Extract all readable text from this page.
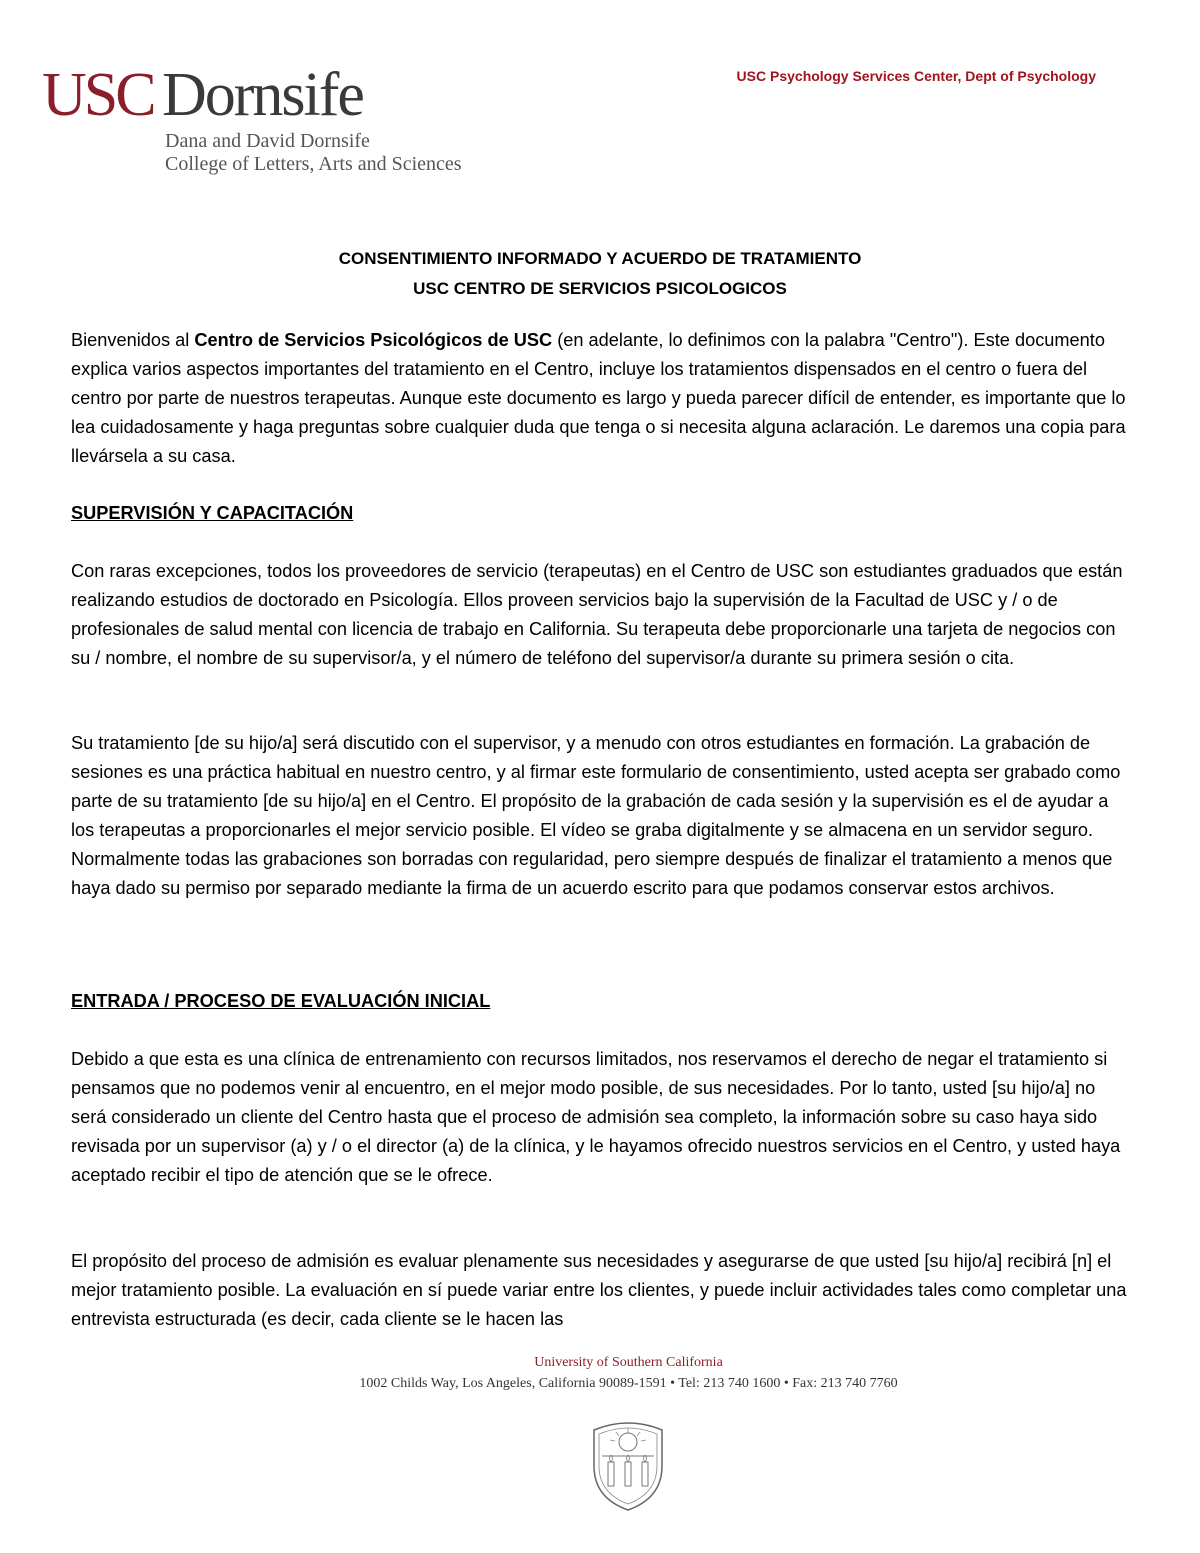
USC Dornsife
Dana and David Dornsife
College of Letters, Arts and Sciences
USC Psychology Services Center, Dept of Psychology
CONSENTIMIENTO INFORMADO Y ACUERDO DE TRATAMIENTO
USC CENTRO DE SERVICIOS PSICOLOGICOS

Bienvenidos al Centro de Servicios Psicológicos de USC (en adelante, lo definimos con la palabra "Centro"). Este documento explica varios aspectos importantes del tratamiento en el Centro, incluye los tratamientos dispensados en el centro o fuera del centro por parte de nuestros terapeutas. Aunque este documento es largo y pueda parecer difícil de entender, es importante que lo lea cuidadosamente y haga preguntas sobre cualquier duda que tenga o si necesita alguna aclaración. Le daremos una copia para llevársela a su casa.

SUPERVISIÓN Y CAPACITACIÓN

Con raras excepciones, todos los proveedores de servicio (terapeutas) en el Centro de USC son estudiantes graduados que están realizando estudios de doctorado en Psicología. Ellos proveen servicios bajo la supervisión de la Facultad de USC y / o de profesionales de salud mental con licencia de trabajo en California. Su terapeuta debe proporcionarle una tarjeta de negocios con su / nombre, el nombre de su supervisor/a, y el número de teléfono del supervisor/a durante su primera sesión o cita.

Su tratamiento [de su hijo/a] será discutido con el supervisor, y a menudo con otros estudiantes en formación. La grabación de sesiones es una práctica habitual en nuestro centro, y al firmar este formulario de consentimiento, usted acepta ser grabado como parte de su tratamiento [de su hijo/a] en el Centro. El propósito de la grabación de cada sesión y la supervisión es el de ayudar a los terapeutas a proporcionarles el mejor servicio posible. El vídeo se graba digitalmente y se almacena en un servidor seguro. Normalmente todas las grabaciones son borradas con regularidad, pero siempre después de finalizar el tratamiento a menos que haya dado su permiso por separado mediante la firma de un acuerdo escrito para que podamos conservar estos archivos.

ENTRADA / PROCESO DE EVALUACIÓN INICIAL

Debido a que esta es una clínica de entrenamiento con recursos limitados, nos reservamos el derecho de negar el tratamiento si pensamos que no podemos venir al encuentro, en el mejor modo posible, de sus necesidades. Por lo tanto, usted [su hijo/a] no será considerado un cliente del Centro hasta que el proceso de admisión sea completo, la información sobre su caso haya sido revisada por un supervisor (a) y / o el director (a) de la clínica, y le hayamos ofrecido nuestros servicios en el Centro, y usted haya aceptado recibir el tipo de atención que se le ofrece.

El propósito del proceso de admisión es evaluar plenamente sus necesidades y asegurarse de que usted [su hijo/a] recibirá [n] el mejor tratamiento posible. La evaluación en sí puede variar entre los clientes, y puede incluir actividades tales como completar una entrevista estructurada (es decir, cada cliente se le hacen las

University of Southern California
1002 Childs Way, Los Angeles, California 90089-1591 • Tel: 213 740 1600 • Fax: 213 740 7760
